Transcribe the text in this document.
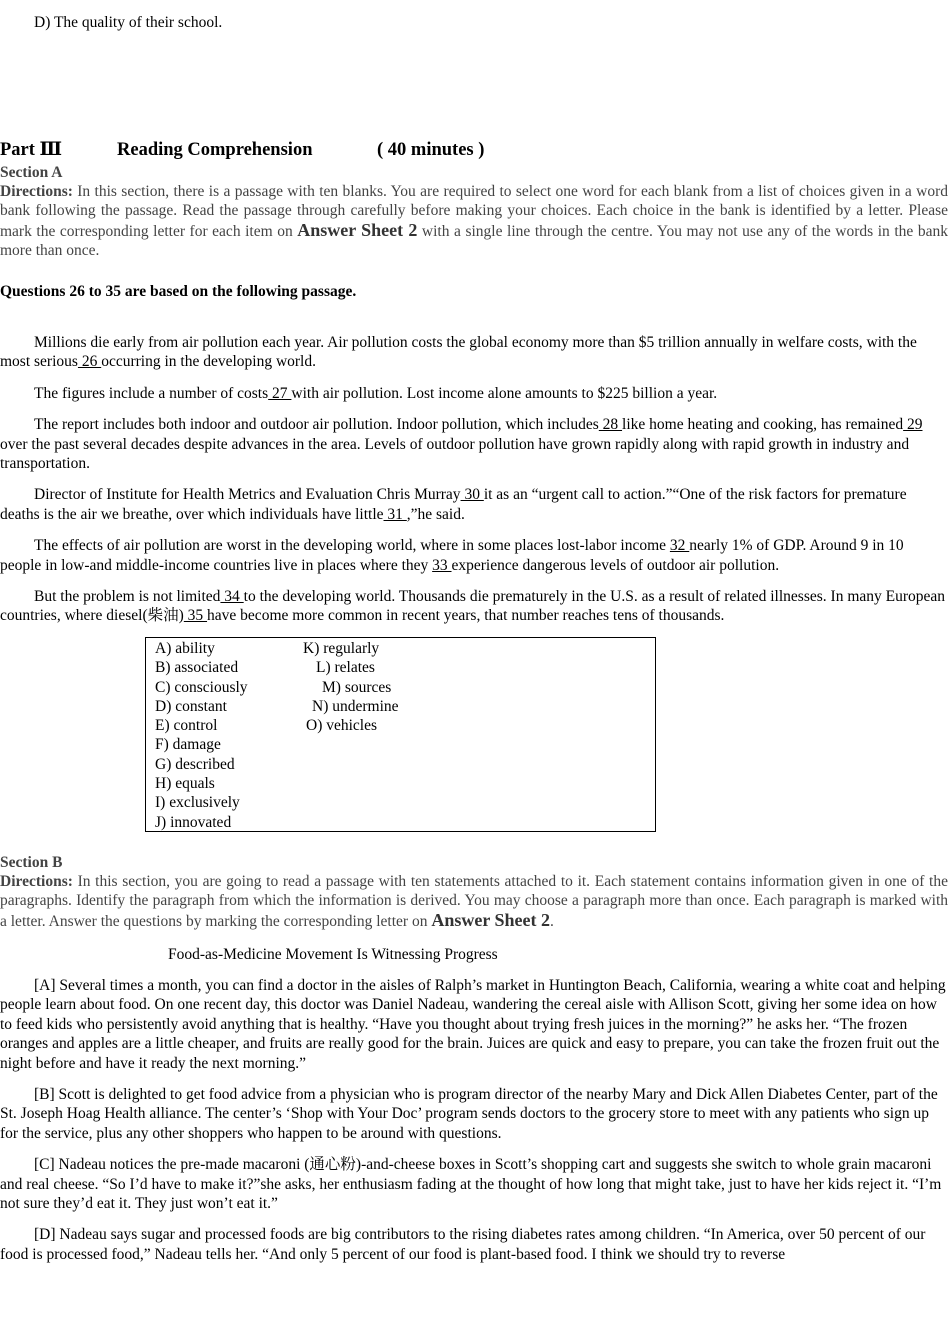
D) The quality of their school.
Part Ⅲ	Reading Comprehension	( 40 minutes )
Section A
Directions: In this section, there is a passage with ten blanks. You are required to select one word for each blank from a list of choices given in a word bank following the passage. Read the passage through carefully before making your choices. Each choice in the bank is identified by a letter. Please mark the corresponding letter for each item on Answer Sheet 2 with a single line through the centre. You may not use any of the words in the bank more than once.
Questions 26 to 35 are based on the following passage.

Millions die early from air pollution each year. Air pollution costs the global economy more than $5 trillion annually in welfare costs, with the most serious 26 occurring in the developing world.

The figures include a number of costs 27 with air pollution. Lost income alone amounts to $225 billion a year.

The report includes both indoor and outdoor air pollution. Indoor pollution, which includes 28 like home heating and cooking, has remained 29 over the past several decades despite advances in the area. Levels of outdoor pollution have grown rapidly along with rapid growth in industry and transportation.

Director of Institute for Health Metrics and Evaluation Chris Murray 30 it as an “urgent call to action.”“One of the risk factors for premature deaths is the air we breathe, over which individuals have little 31 ,”he said.

The effects of air pollution are worst in the developing world, where in some places lost-labor income 32 nearly 1% of GDP. Around 9 in 10 people in low-and middle-income countries live in places where they 33 experience dangerous levels of outdoor air pollution.

But the problem is not limited 34 to the developing world. Thousands die prematurely in the U.S. as a result of related illnesses. In many European countries, where diesel(柴油) 35 have become more common in recent years, that number reaches tens of thousands.

A) ability
B) associated
C) consciously
D) constant
E) control
F) damage
G) described
H) equals
I) exclusively
J) innovated
K) regularly
L) relates
M) sources
N) undermine
O) vehicles
Section B
Directions: In this section, you are going to read a passage with ten statements attached to it. Each statement contains information given in one of the paragraphs. Identify the paragraph from which the information is derived. You may choose a paragraph more than once. Each paragraph is marked with a letter. Answer the questions by marking the corresponding letter on Answer Sheet 2.
Food-as-Medicine Movement Is Witnessing Progress

[A] Several times a month, you can find a doctor in the aisles of Ralph’s market in Huntington Beach, California, wearing a white coat and helping people learn about food. On one recent day, this doctor was Daniel Nadeau, wandering the cereal aisle with Allison Scott, giving her some idea on how to feed kids who persistently avoid anything that is healthy. “Have you thought about trying fresh juices in the morning?” he asks her. “The frozen oranges and apples are a little cheaper, and fruits are really good for the brain. Juices are quick and easy to prepare, you can take the frozen fruit out the night before and have it ready the next morning.”

[B] Scott is delighted to get food advice from a physician who is program director of the nearby Mary and Dick Allen Diabetes Center, part of the St. Joseph Hoag Health alliance. The center’s ‘Shop with Your Doc’ program sends doctors to the grocery store to meet with any patients who sign up for the service, plus any other shoppers who happen to be around with questions.

[C] Nadeau notices the pre-made macaroni (通心粉)-and-cheese boxes in Scott’s shopping cart and suggests she switch to whole grain macaroni and real cheese. “So I’d have to make it?”she asks, her enthusiasm fading at the thought of how long that might take, just to have her kids reject it. “I’m not sure they’d eat it. They just won’t eat it.”

[D] Nadeau says sugar and processed foods are big contributors to the rising diabetes rates among children. “In America, over 50 percent of our food is processed food,” Nadeau tells her. “And only 5 percent of our food is plant-based food. I think we should try to reverse
